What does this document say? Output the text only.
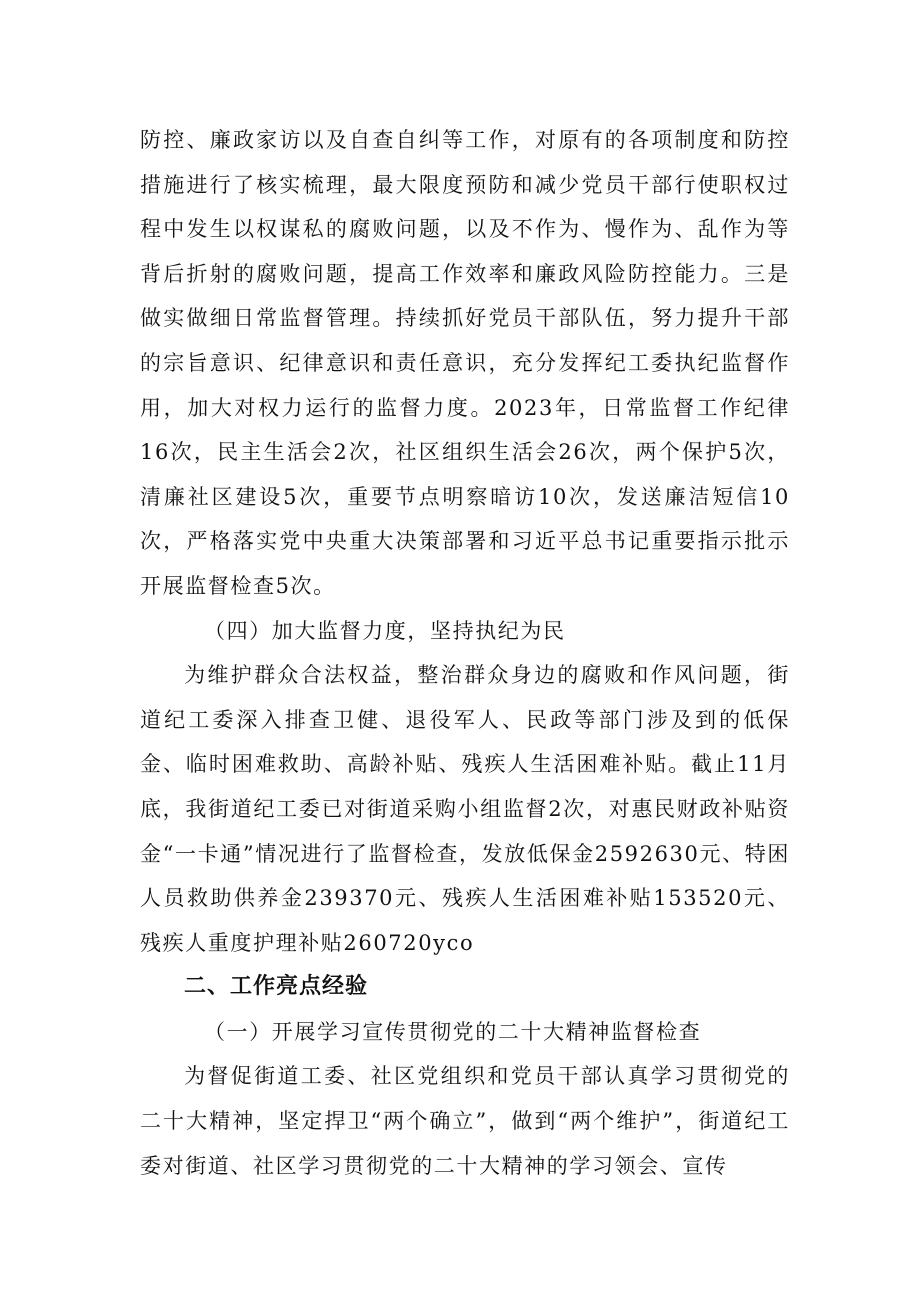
防控、廉政家访以及自查自纠等工作，对原有的各项制度和防控措施进行了核实梳理，最大限度预防和减少党员干部行使职权过程中发生以权谋私的腐败问题，以及不作为、慢作为、乱作为等背后折射的腐败问题，提高工作效率和廉政风险防控能力。三是做实做细日常监督管理。持续抓好党员干部队伍，努力提升干部的宗旨意识、纪律意识和责任意识，充分发挥纪工委执纪监督作用，加大对权力运行的监督力度。2023年，日常监督工作纪律16次，民主生活会2次，社区组织生活会26次，两个保护5次，清廉社区建设5次，重要节点明察暗访10次，发送廉洁短信10次，严格落实党中央重大决策部署和习近平总书记重要指示批示开展监督检查5次。

（四）加大监督力度，坚持执纪为民

为维护群众合法权益，整治群众身边的腐败和作风问题，街道纪工委深入排查卫健、退役军人、民政等部门涉及到的低保金、临时困难救助、高龄补贴、残疾人生活困难补贴。截止11月底，我街道纪工委已对街道采购小组监督2次，对惠民财政补贴资金“一卡通”情况进行了监督检查，发放低保金2592630元、特困人员救助供养金239370元、残疾人生活困难补贴153520元、残疾人重度护理补贴260720yco

二、工作亮点经验

（一）开展学习宣传贯彻党的二十大精神监督检查

为督促街道工委、社区党组织和党员干部认真学习贯彻党的二十大精神，坚定捍卫“两个确立”，做到“两个维护”，街道纪工委对街道、社区学习贯彻党的二十大精神的学习领会、宣传
